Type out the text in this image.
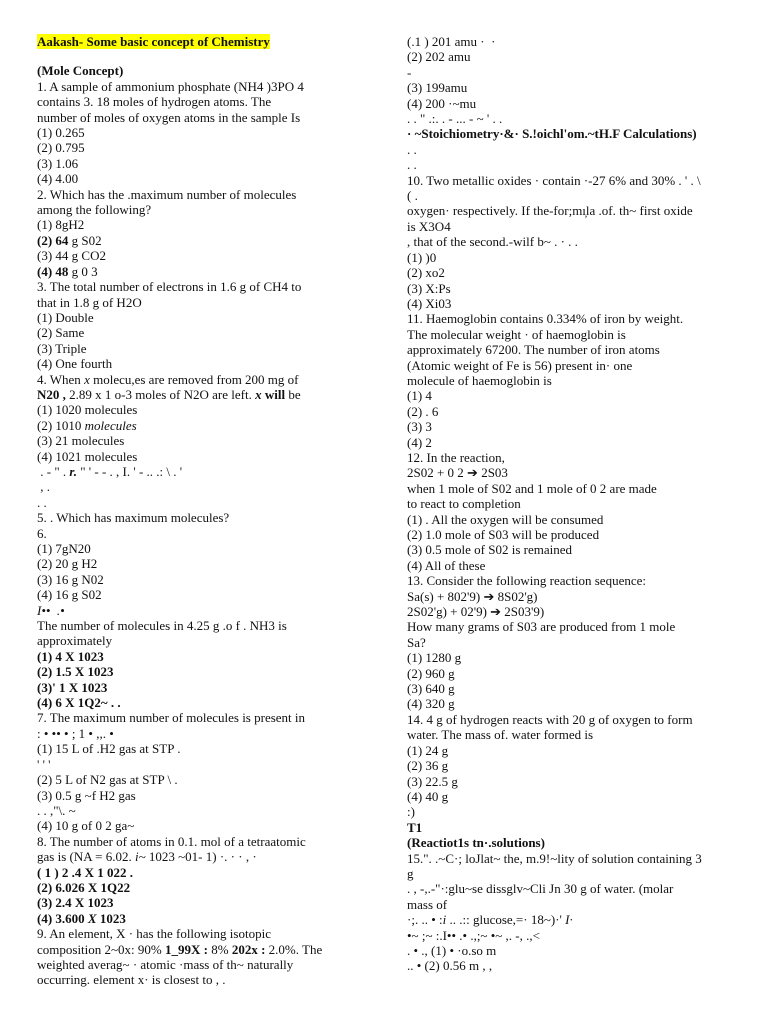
Aakash- Some basic concept of Chemistry
(Mole Concept)
1. A sample of ammonium phosphate (NH4 )3PO 4
contains 3. 18 moles of hydrogen atoms. The
number of moles of oxygen atoms in the sample Is
(1) 0.265
(2) 0.795
(3) 1.06
(4) 4.00
2. Which has the .maximum number of molecules
among the following?
(1) 8gH2
(2) 64 g S02
(3) 44 g CO2
(4) 48 g 0 3
3. The total number of electrons in 1.6 g of CH4 to
that in 1.8 g of H2O
(1) Double
(2) Same
(3) Triple
(4) One fourth
4. When x molecu,es are removed from 200 mg of
N20 , 2.89 x 1 o-3 moles of N2O are left. x will be
(1) 1020 molecules
(2) 1010 molecules
(3) 21 molecules
(4) 1021 molecules
. - " . r. " ' - - . , I. ' - .. .: \ . '
, .
. .
5. . Which has maximum molecules?
6.
(1) 7gN20
(2) 20 g H2
(3) 16 g N02
(4) 16 g S02
I••  .•
The number of molecules in 4.25 g .o f . NH3 is
approximately
(1) 4 X 1023
(2) 1.5 X 1023
(3)' 1 X 1023
(4) 6 X 1Q2~ . .
7. The maximum number of molecules is present in
: • •• • ; 1 • ,,. •
(1) 15 L of .H2 gas at STP .
' ' '
(2) 5 L of N2 gas at STP \ .
(3) 0.5 g ~f H2 gas
. . ,"\. ~
(4) 10 g of 0 2 ga~
8. The number of atoms in 0.1. mol of a tetraatomic
gas is (NA = 6.02. i~ 1023 ~01- 1) ·. · · , ·
( 1 ) 2 .4 X 1 022 .
(2) 6.026 X 1Q22
(3) 2.4 X 1023
(4) 3.600 X 1023
9. An element, X · has the following isotopic
composition 2~0x: 90% 1_99X : 8% 202x : 2.0%. The
weighted averag~ · atomic ·mass of th~ naturally
occurring. element x· is closest to , .
(.1 ) 201 amu ·  ·
(2) 202 amu
-
(3) 199amu
(4) 200 ·~mu
. . " .:. . - ... - ~ ' . .
· ~Stoichiometry·&· S.!oichl'om.~tH.F Calculations)
. .
. .
10. Two metallic oxides · contain ·-27 6% and 30% . ' . \
( .
oxygen· respectively. If the-for;mı̦la .of. th~ first oxide
is X3O4
, that of the second.-wilf b~ . · . .
(1) )0
(2) xo2
(3) X:Ps
(4) Xi03
11. Haemoglobin contains 0.334% of iron by weight.
The molecular weight · of haemoglobin is
approximately 67200. The number of iron atoms
(Atomic weight of Fe is 56) present in· one
molecule of haemoglobin is
(1) 4
(2) . 6
(3) 3
(4) 2
12. In the reaction,
2S02 + 0 2 ➔ 2S03
when 1 mole of S02 and 1 mole of 0 2 are made
to react to completion
(1) . All the oxygen will be consumed
(2) 1.0 mole of S03 will be produced
(3) 0.5 mole of S02 is remained
(4) All of these
13. Consider the following reaction sequence:
Sa(s) + 802'9) ➔ 8S02'g)
2S02'g) + 02'9) ➔ 2S03'9)
How many grams of S03 are produced from 1 mole
Sa?
(1) 1280 g
(2) 960 g
(3) 640 g
(4) 320 g
14. 4 g of hydrogen reacts with 20 g of oxygen to form
water. The mass of. water formed is
(1) 24 g
(2) 36 g
(3) 22.5 g
(4) 40 g
:)
T1
(Reactiot1s tn·.solutions)
15.". .~C·; loJlat~ the, m.9!~lity of solution containing 3
g
. , -,.-"·:glu~se dissglv~Cli Jn 30 g of water. (molar
mass of
·;. .. • :i .. .:: glucose,=· 18~)·' I·
•~ ;~ :.I•• .• .,;~ •~ ,. -, .,<
. • ., (1) • ·o.so m
.. • (2) 0.56 m , ,
